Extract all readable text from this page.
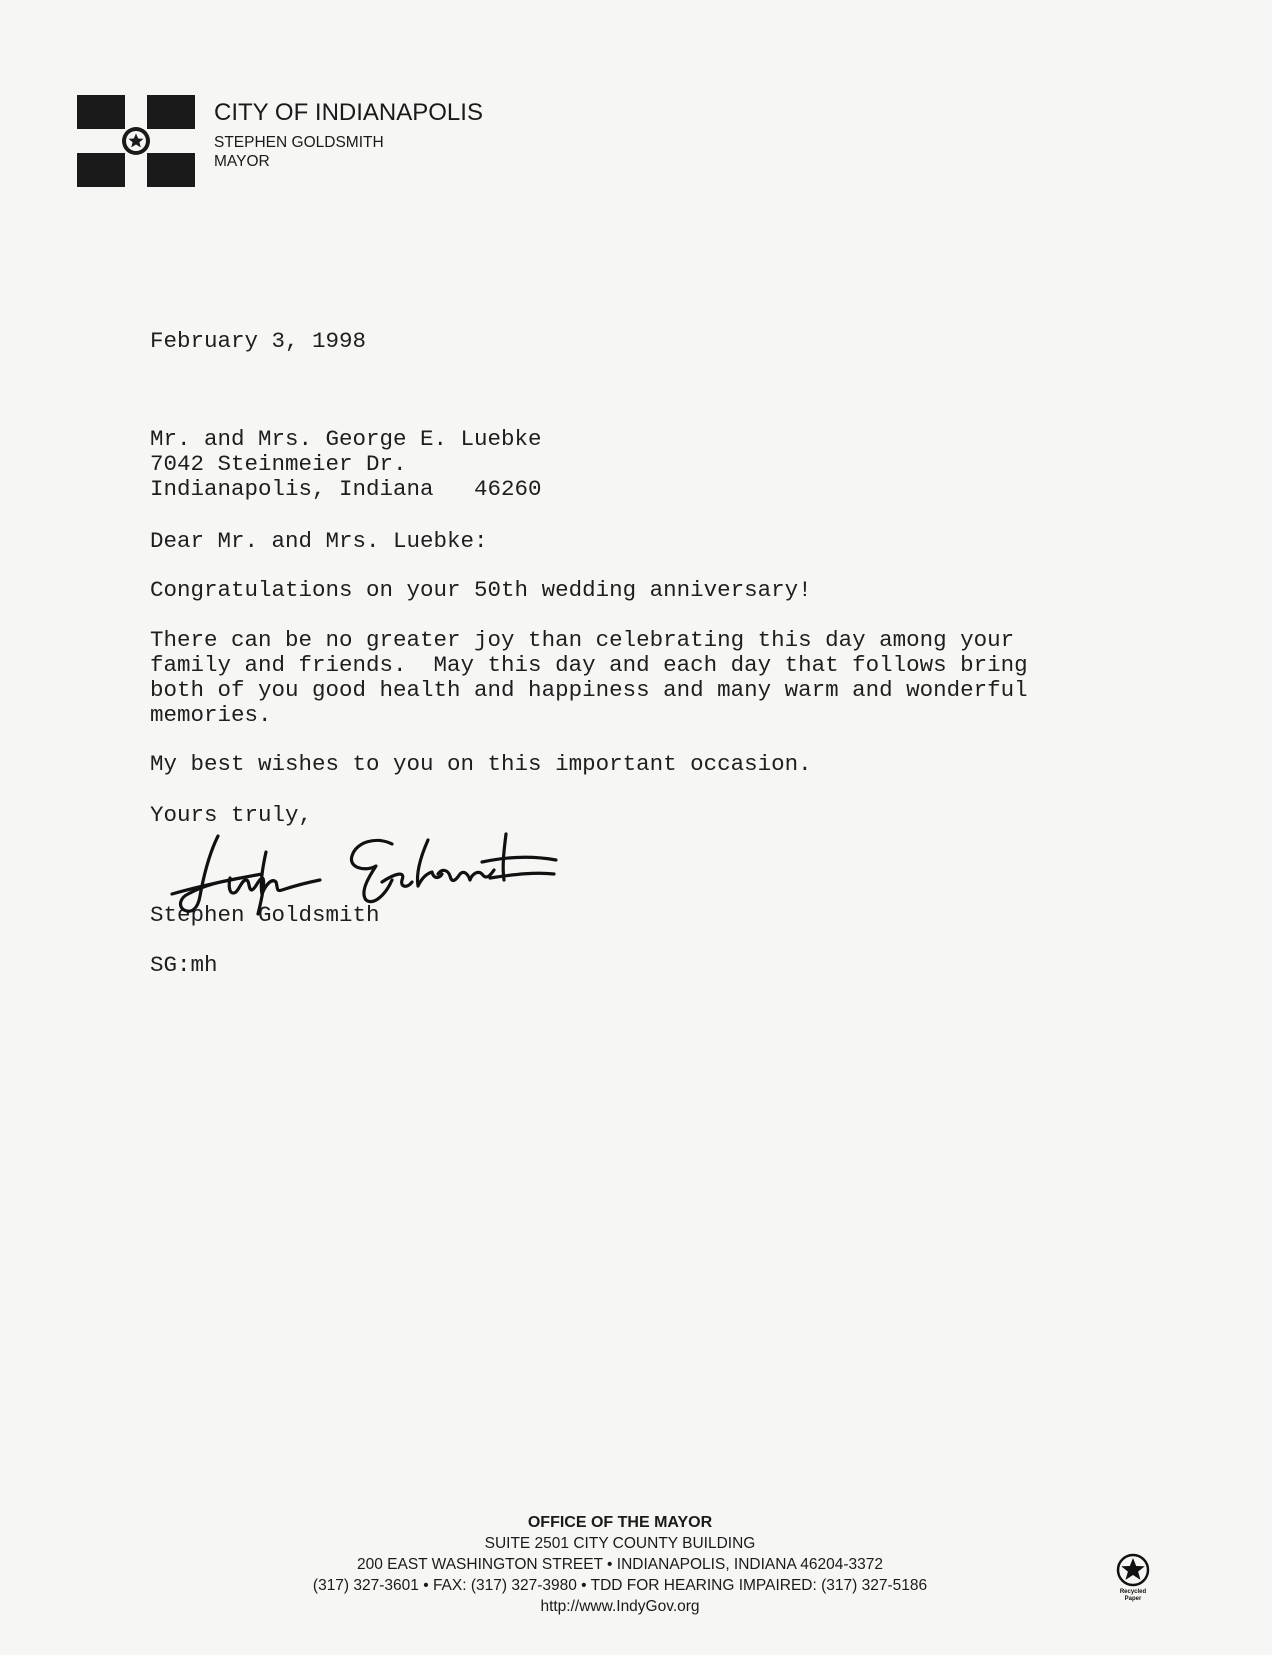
CITY OF INDIANAPOLIS
STEPHEN GOLDSMITH
MAYOR
February 3, 1998
Mr. and Mrs. George E. Luebke
7042 Steinmeier Dr.
Indianapolis, Indiana   46260
Dear Mr. and Mrs. Luebke:
Congratulations on your 50th wedding anniversary!
There can be no greater joy than celebrating this day among your
family and friends.  May this day and each day that follows bring
both of you good health and happiness and many warm and wonderful
memories.
My best wishes to you on this important occasion.
Yours truly,
Stephen Goldsmith
SG:mh
OFFICE OF THE MAYOR
SUITE 2501 CITY COUNTY BUILDING
200 EAST WASHINGTON STREET • INDIANAPOLIS, INDIANA 46204-3372
(317) 327-3601 • FAX: (317) 327-3980 • TDD FOR HEARING IMPAIRED: (317) 327-5186
http://www.IndyGov.org
Recycled
Paper
